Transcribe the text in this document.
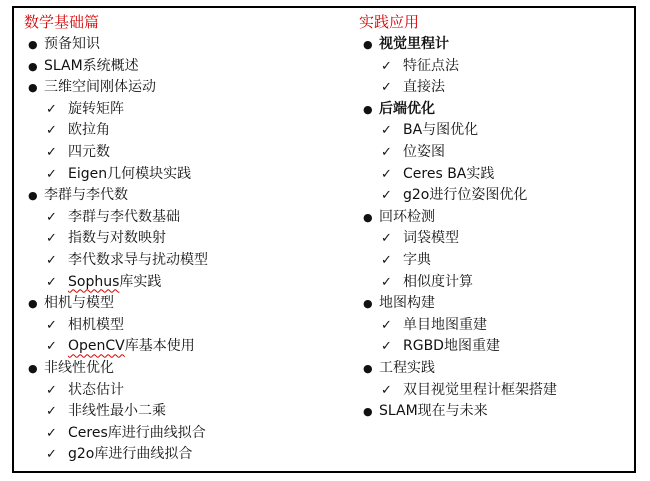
数学基础篇
● 预备知识
● SLAM系统概述
● 三维空间刚体运动
✓ 旋转矩阵
✓ 欧拉角
✓ 四元数
✓ Eigen几何模块实践
● 李群与李代数
✓ 李群与李代数基础
✓ 指数与对数映射
✓ 李代数求导与扰动模型
✓ Sophus库实践
● 相机与模型
✓ 相机模型
✓ OpenCV库基本使用
● 非线性优化
✓ 状态估计
✓ 非线性最小二乘
✓ Ceres库进行曲线拟合
✓ g2o库进行曲线拟合
实践应用
● 视觉里程计
✓ 特征点法
✓ 直接法
● 后端优化
✓ BA与图优化
✓ 位姿图
✓ Ceres BA实践
✓ g2o进行位姿图优化
● 回环检测
✓ 词袋模型
✓ 字典
✓ 相似度计算
● 地图构建
✓ 单目地图重建
✓ RGBD地图重建
● 工程实践
✓ 双目视觉里程计框架搭建
● SLAM现在与未来
